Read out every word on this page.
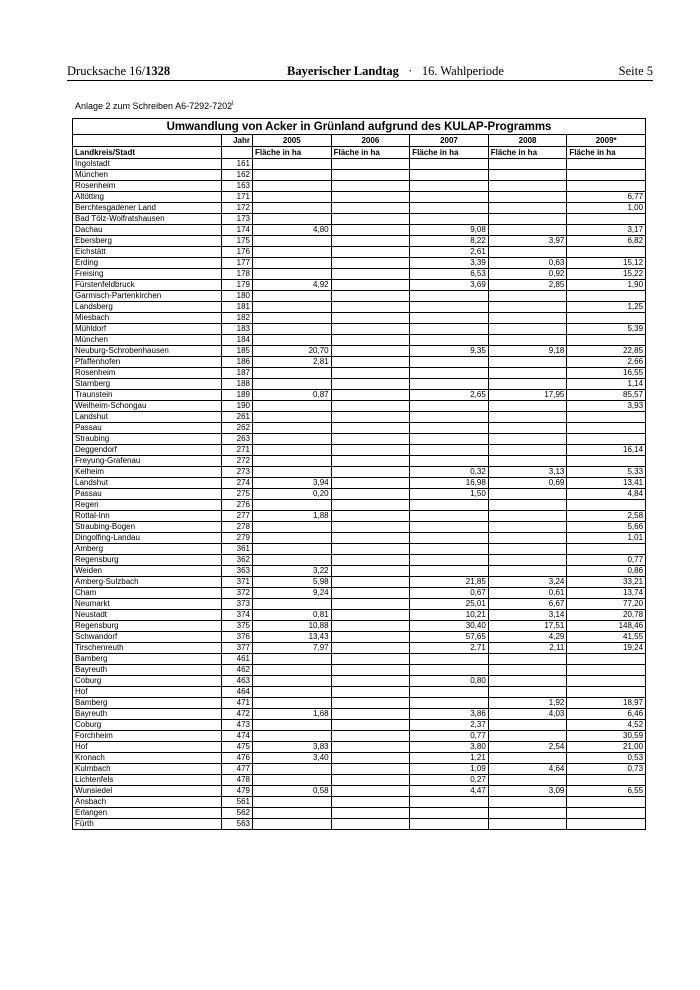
Drucksache 16/1328	Bayerischer Landtag · 16. Wahlperiode	Seite 5
Anlage 2 zum Schreiben A6-7292-7202$^l$
Umwandlung von Acker in Grünland aufgrund des KULAP-Programms						
	Jahr	2005	2006	2007	2008	2009*
Landkreis/Stadt		Fläche in ha	Fläche in ha	Fläche in ha	Fläche in ha	Fläche in ha
Ingolstadt	161					
München	162					
Rosenheim	163					
Altötting	171					6,77
Berchtesgadener Land	172					1,00
Bad Tölz-Wolfratshausen	173					
Dachau	174	4,80		9,08		3,17
Ebersberg	175			8,22	3,97	6,82
Eichstätt	176			2,61		
Erding	177			3,39	0,63	15,12
Freising	178			6,53	0,92	15,22
Fürstenfeldbruck	179	4,92		3,69	2,85	1,90
Garmisch-Partenkirchen	180					
Landsberg	181					1,25
Miesbach	182					
Mühldorf	183					5,39
München	184					
Neuburg-Schrobenhausen	185	20,70		9,35	9,18	22,85
Pfaffenhofen	186	2,81				2,66
Rosenheim	187					16,55
Starnberg	188					1,14
Traunstein	189	0,87		2,65	17,95	85,57
Weilheim-Schongau	190					3,93
Landshut	261					
Passau	262					
Straubing	263					
Deggendorf	271					16,14
Freyung-Grafenau	272					
Kelheim	273			0,32	3,13	5,33
Landshut	274	3,94		16,98	0,69	13,41
Passau	275	0,20		1,50		4,84
Regen	276					
Rottal-Inn	277	1,88				2,58
Straubing-Bogen	278					5,66
Dingolfing-Landau	279					1,01
Amberg	361					
Regensburg	362					0,77
Weiden	363	3,22				0,86
Amberg-Sulzbach	371	5,98		21,85	3,24	33,21
Cham	372	9,24		0,67	0,61	13,74
Neumarkt	373			25,01	6,67	77,20
Neustadt	374	0,81		10,21	3,14	20,78
Regensburg	375	10,88		30,40	17,51	148,46
Schwandorf	376	13,43		57,65	4,29	41,55
Tirschenreuth	377	7,97		2,71	2,11	19,24
Bamberg	461					
Bayreuth	462					
Coburg	463			0,80		
Hof	464					
Bamberg	471				1,92	18,97
Bayreuth	472	1,68		3,86	4,03	6,46
Coburg	473			2,37		4,52
Forchheim	474			0,77		30,59
Hof	475	3,83		3,80	2,54	21,00
Kronach	476	3,40		1,21		0,53
Kulmbach	477			1,09	4,64	0,73
Lichtenfels	478			0,27		
Wunsiedel	479	0,58		4,47	3,09	6,55
Ansbach	561					
Erlangen	562					
Fürth	563					
